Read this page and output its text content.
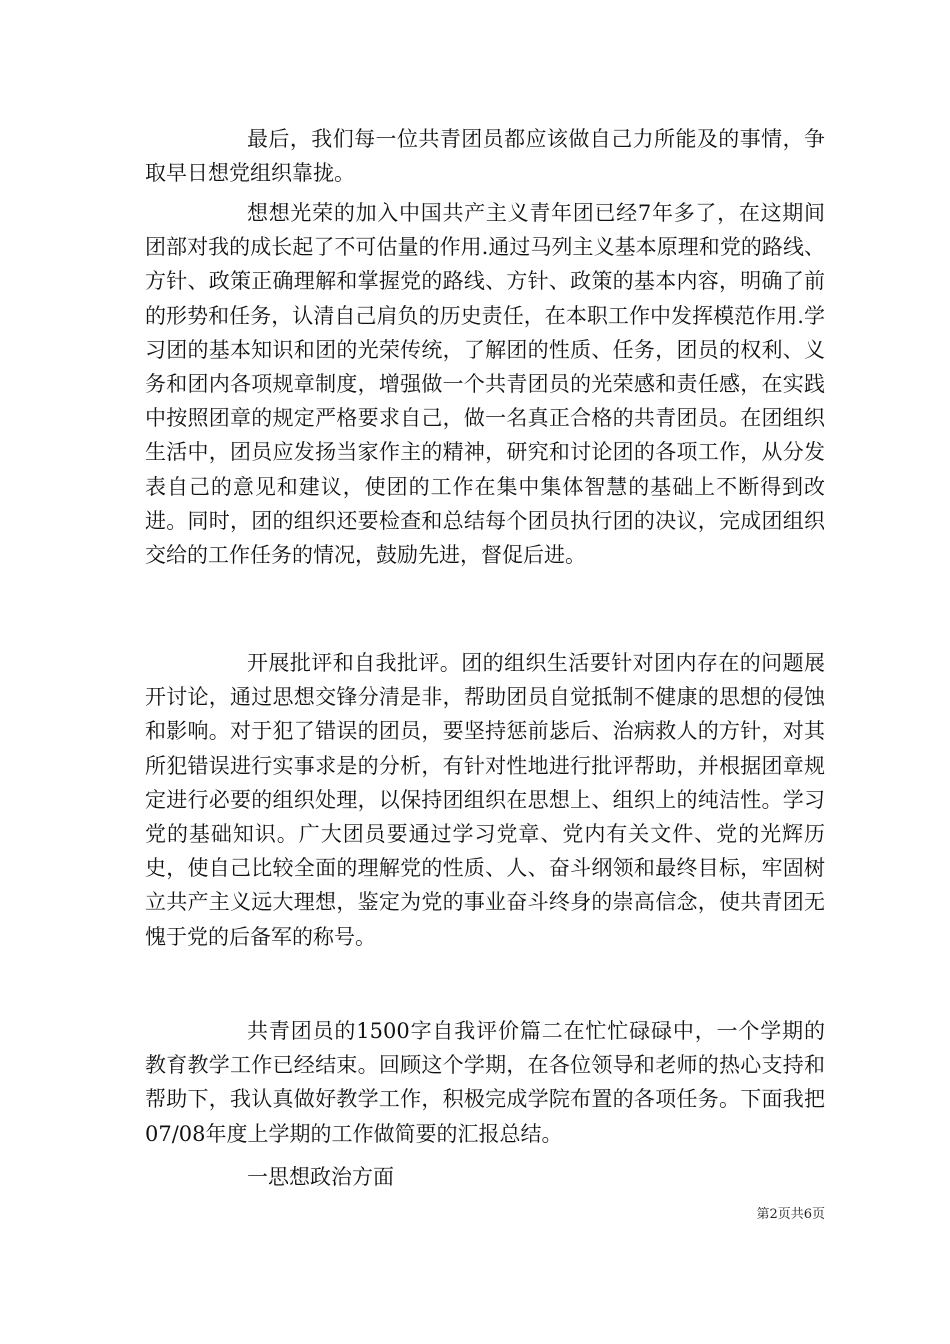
最后，我们每一位共青团员都应该做自己力所能及的事情，争取早日想党组织靠拢。

想想光荣的加入中国共产主义青年团已经7年多了，在这期间团部对我的成长起了不可估量的作用.通过马列主义基本原理和党的路线、方针、政策正确理解和掌握党的路线、方针、政策的基本内容，明确了前的形势和任务，认清自己肩负的历史责任，在本职工作中发挥模范作用.学习团的基本知识和团的光荣传统，了解团的性质、任务，团员的权利、义务和团内各项规章制度，增强做一个共青团员的光荣感和责任感，在实践中按照团章的规定严格要求自己，做一名真正合格的共青团员。在团组织生活中，团员应发扬当家作主的精神，研究和讨论团的各项工作，从分发表自己的意见和建议，使团的工作在集中集体智慧的基础上不断得到改进。同时，团的组织还要检查和总结每个团员执行团的决议，完成团组织交给的工作任务的情况，鼓励先进，督促后进。

开展批评和自我批评。团的组织生活要针对团内存在的问题展开讨论，通过思想交锋分清是非，帮助团员自觉抵制不健康的思想的侵蚀和影响。对于犯了错误的团员，要坚持惩前毖后、治病救人的方针，对其所犯错误进行实事求是的分析，有针对性地进行批评帮助，并根据团章规定进行必要的组织处理，以保持团组织在思想上、组织上的纯洁性。学习党的基础知识。广大团员要通过学习党章、党内有关文件、党的光辉历史，使自己比较全面的理解党的性质、人、奋斗纲领和最终目标，牢固树立共产主义远大理想，鉴定为党的事业奋斗终身的崇高信念，使共青团无愧于党的后备军的称号。

共青团员的1500字自我评价篇二在忙忙碌碌中，一个学期的教育教学工作已经结束。回顾这个学期，在各位领导和老师的热心支持和帮助下，我认真做好教学工作，积极完成学院布置的各项任务。下面我把07/08年度上学期的工作做简要的汇报总结。

一思想政治方面

第2页共6页
